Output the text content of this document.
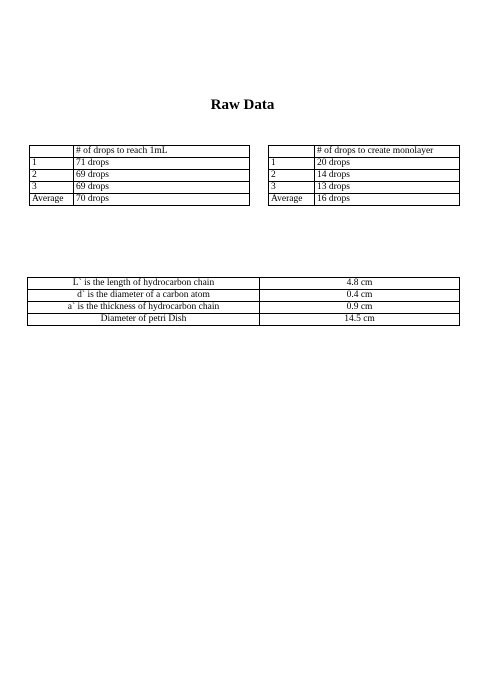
Raw Data
	# of drops to reach 1mL
1	71 drops
2	69 drops
3	69 drops
Average	70 drops
	# of drops to create monolayer
1	20 drops
2	14 drops
3	13 drops
Average	16 drops
L` is the length of hydrocarbon chain	4.8 cm
d` is the diameter of a carbon atom	0.4 cm
a` is the thickness of hydrocarbon chain	0.9 cm
Diameter of petri Dish	14.5 cm
